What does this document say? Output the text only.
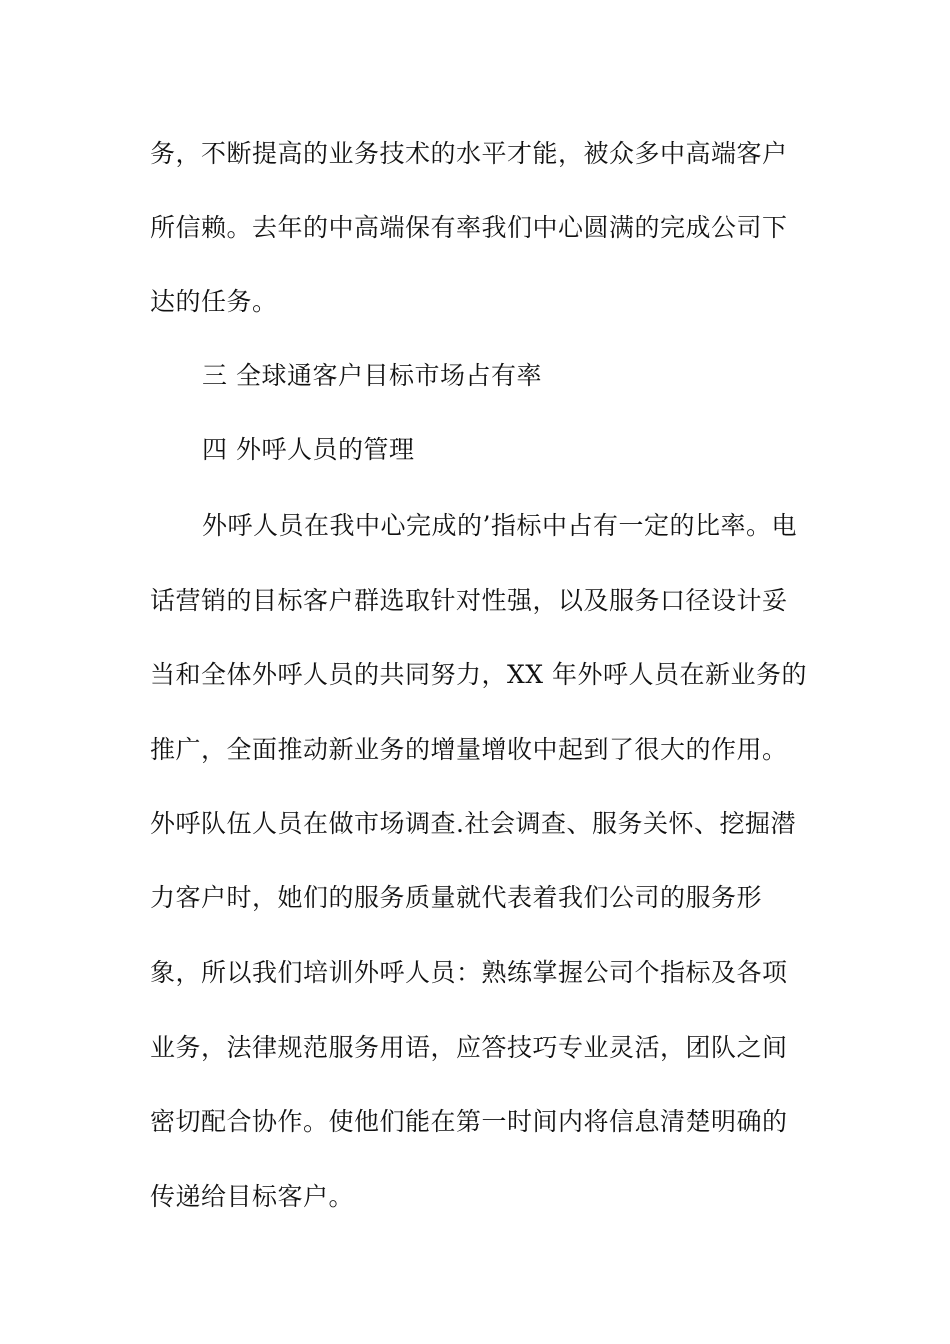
务，不断提高的业务技术的水平才能，被众多中高端客户
所信赖。去年的中高端保有率我们中心圆满的完成公司下
达的任务。
三 全球通客户目标市场占有率
四 外呼人员的管理
外呼人员在我中心完成的’指标中占有一定的比率。电
话营销的目标客户群选取针对性强，以及服务口径设计妥
当和全体外呼人员的共同努力，XX 年外呼人员在新业务的
推广，全面推动新业务的增量增收中起到了很大的作用。
外呼队伍人员在做市场调查.社会调查、服务关怀、挖掘潜
力客户时，她们的服务质量就代表着我们公司的服务形
象，所以我们培训外呼人员：熟练掌握公司个指标及各项
业务，法律规范服务用语，应答技巧专业灵活，团队之间
密切配合协作。使他们能在第一时间内将信息清楚明确的
传递给目标客户。
